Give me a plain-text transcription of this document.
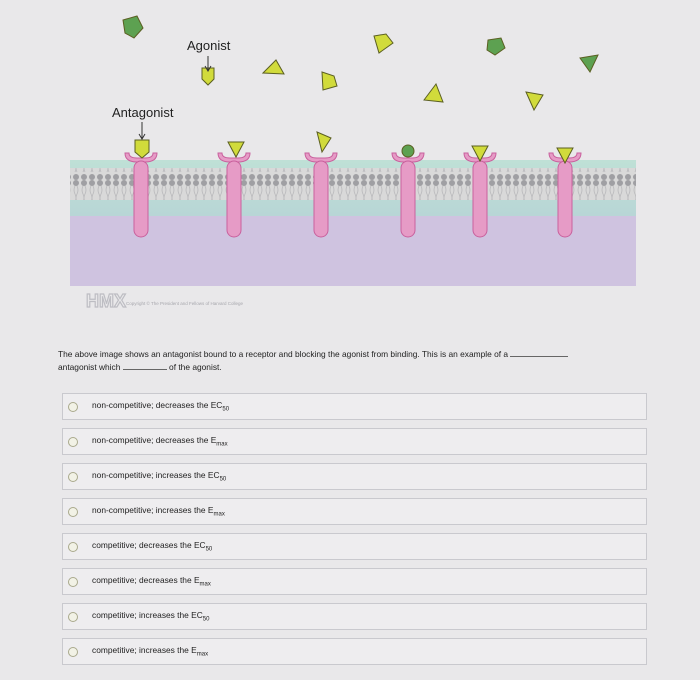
Agonist
Antagonist
HMX Copyright © The President and Fellows of Harvard College
The above image shows an antagonist bound to a receptor and blocking the agonist from binding. This is an example of a
antagonist which	of the agonist.
non-competitive; decreases the $EC_{50}$
non-competitive; decreases the $E_{max}$
non-competitive; increases the $EC_{50}$
non-competitive; increases the $E_{max}$
competitive; decreases the $EC_{50}$
competitive; decreases the $E_{max}$
competitive; increases the $EC_{50}$
competitive; increases the $E_{max}$
